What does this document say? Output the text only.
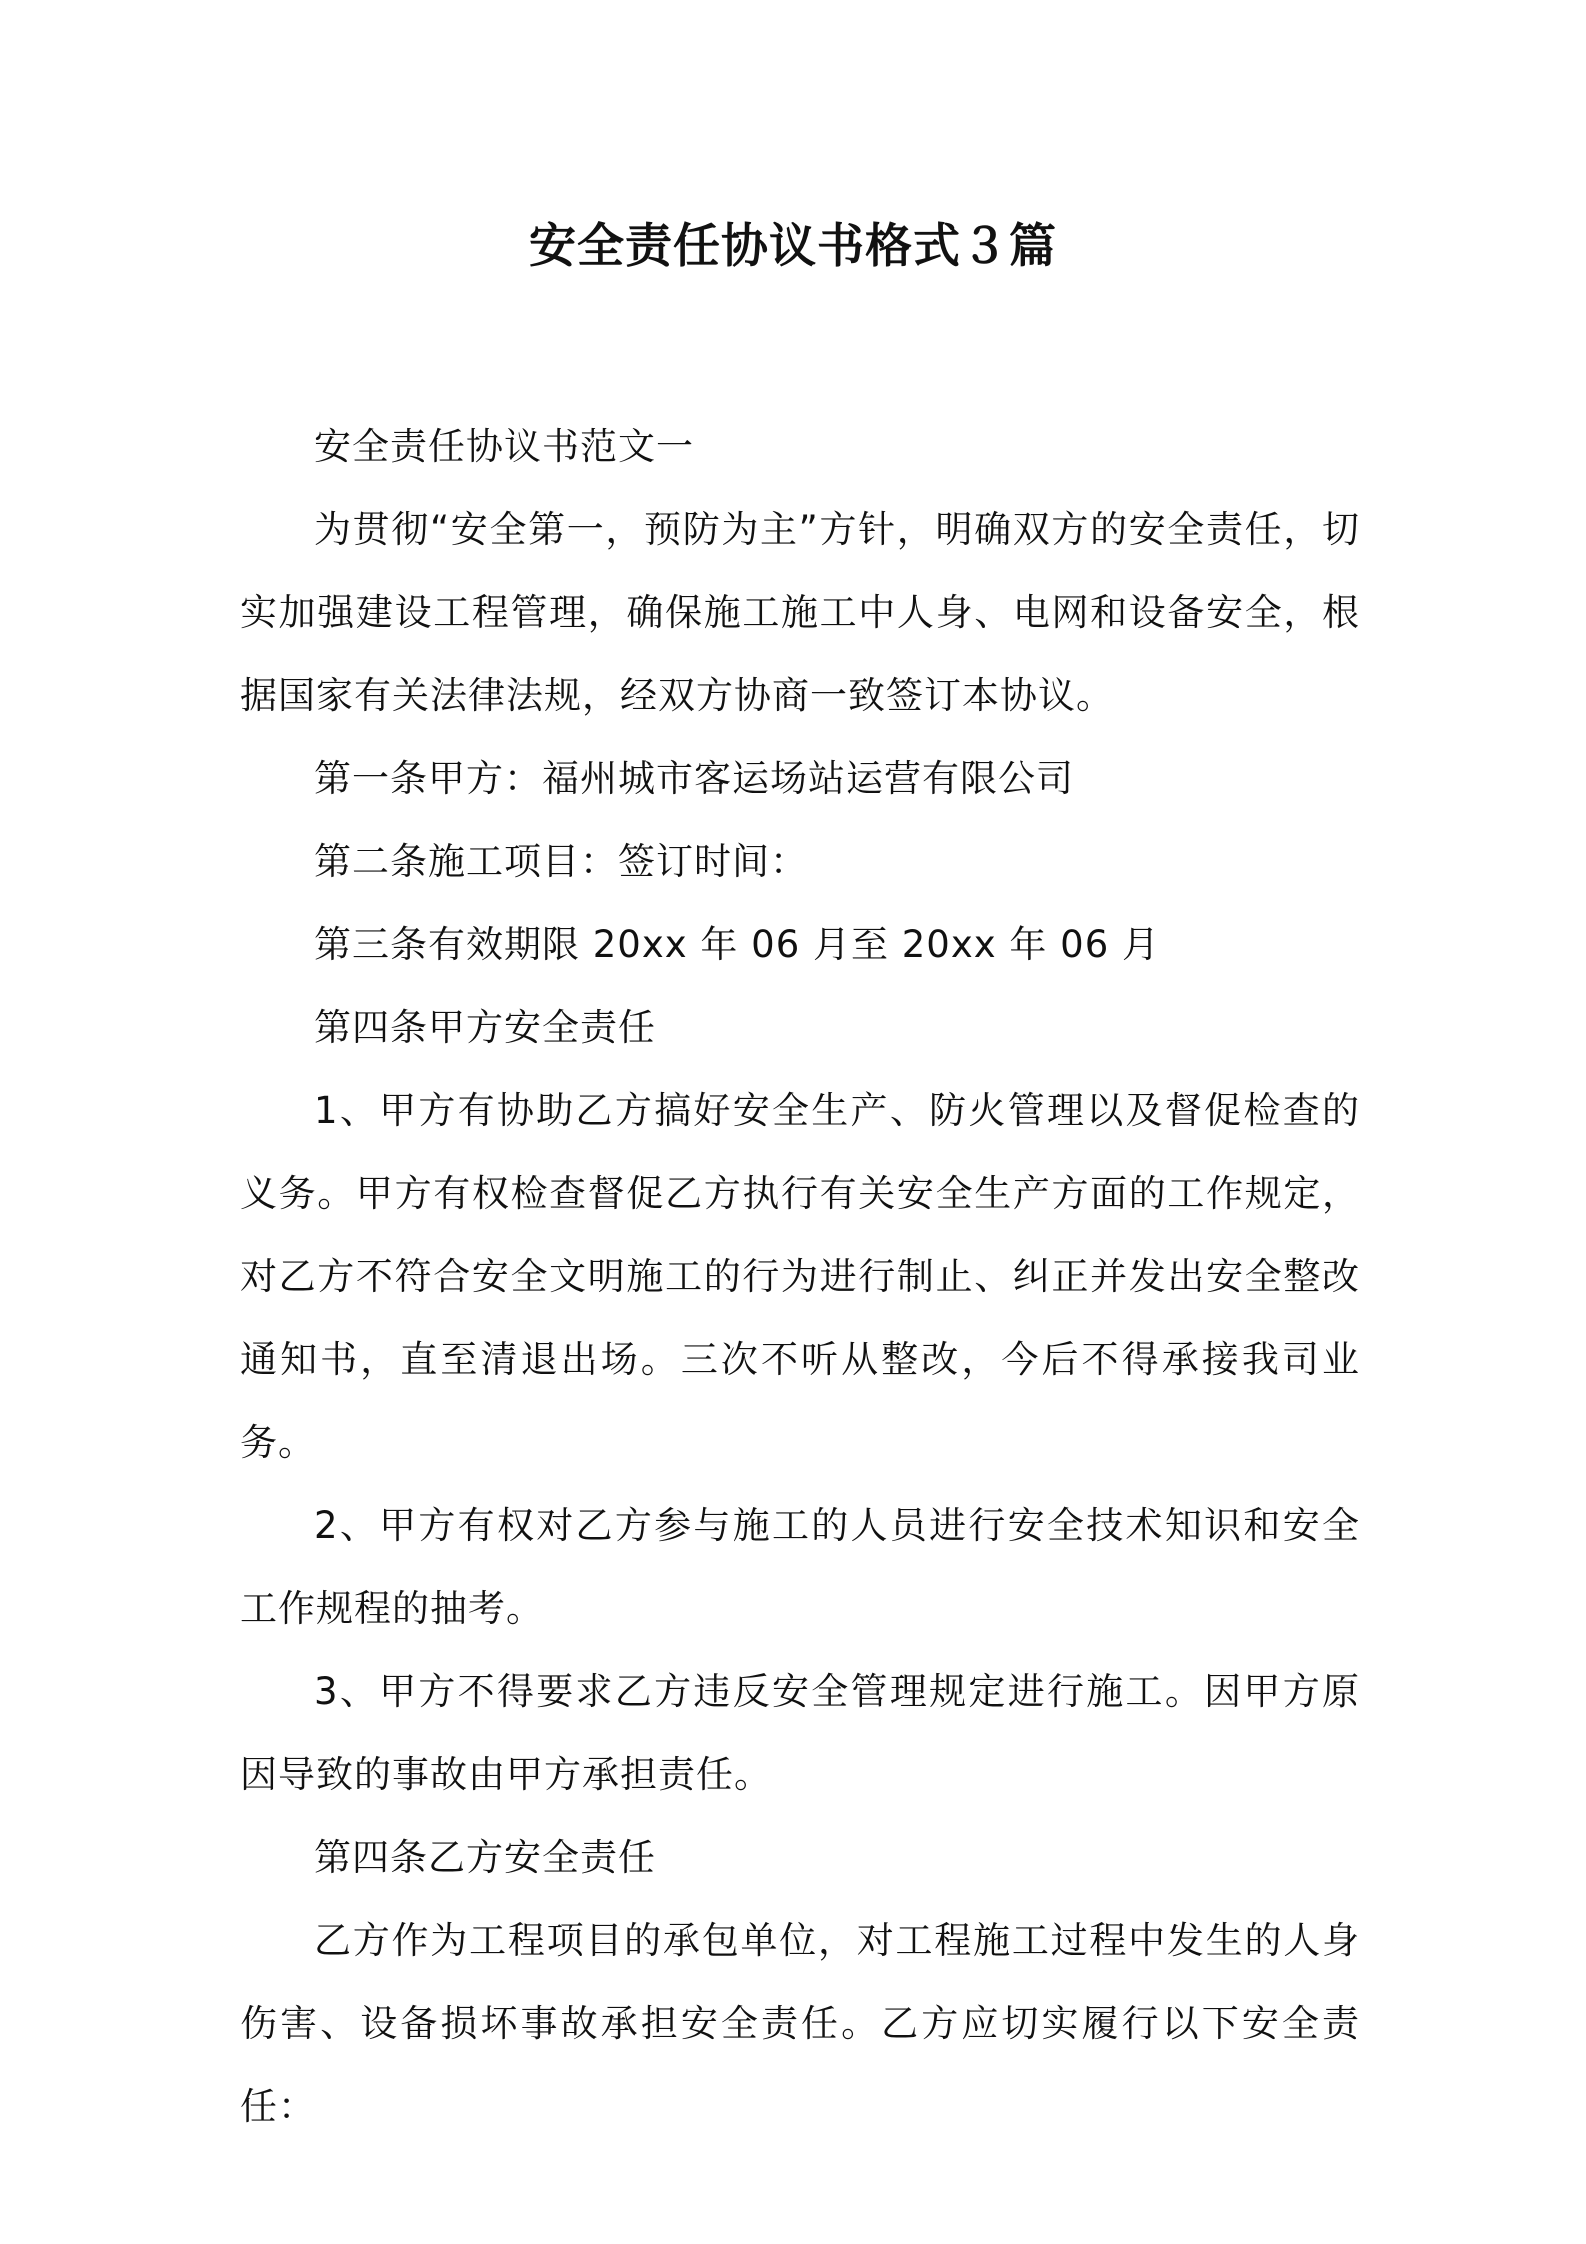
安全责任协议书格式３篇

安全责任协议书范文一

为贯彻“安全第一，预防为主”方针，明确双方的安全责任，切实加强建设工程管理，确保施工施工中人身、电网和设备安全，根据国家有关法律法规，经双方协商一致签订本协议。

第一条甲方：福州城市客运场站运营有限公司

第二条施工项目：签订时间：

第三条有效期限 20xx 年 06 月至 20xx 年 06 月

第四条甲方安全责任

1、甲方有协助乙方搞好安全生产、防火管理以及督促检查的义务。甲方有权检查督促乙方执行有关安全生产方面的工作规定，对乙方不符合安全文明施工的行为进行制止、纠正并发出安全整改通知书，直至清退出场。三次不听从整改，今后不得承接我司业务。

2、甲方有权对乙方参与施工的人员进行安全技术知识和安全工作规程的抽考。

3、甲方不得要求乙方违反安全管理规定进行施工。因甲方原因导致的事故由甲方承担责任。

第四条乙方安全责任

乙方作为工程项目的承包单位，对工程施工过程中发生的人身伤害、设备损坏事故承担安全责任。乙方应切实履行以下安全责任：
